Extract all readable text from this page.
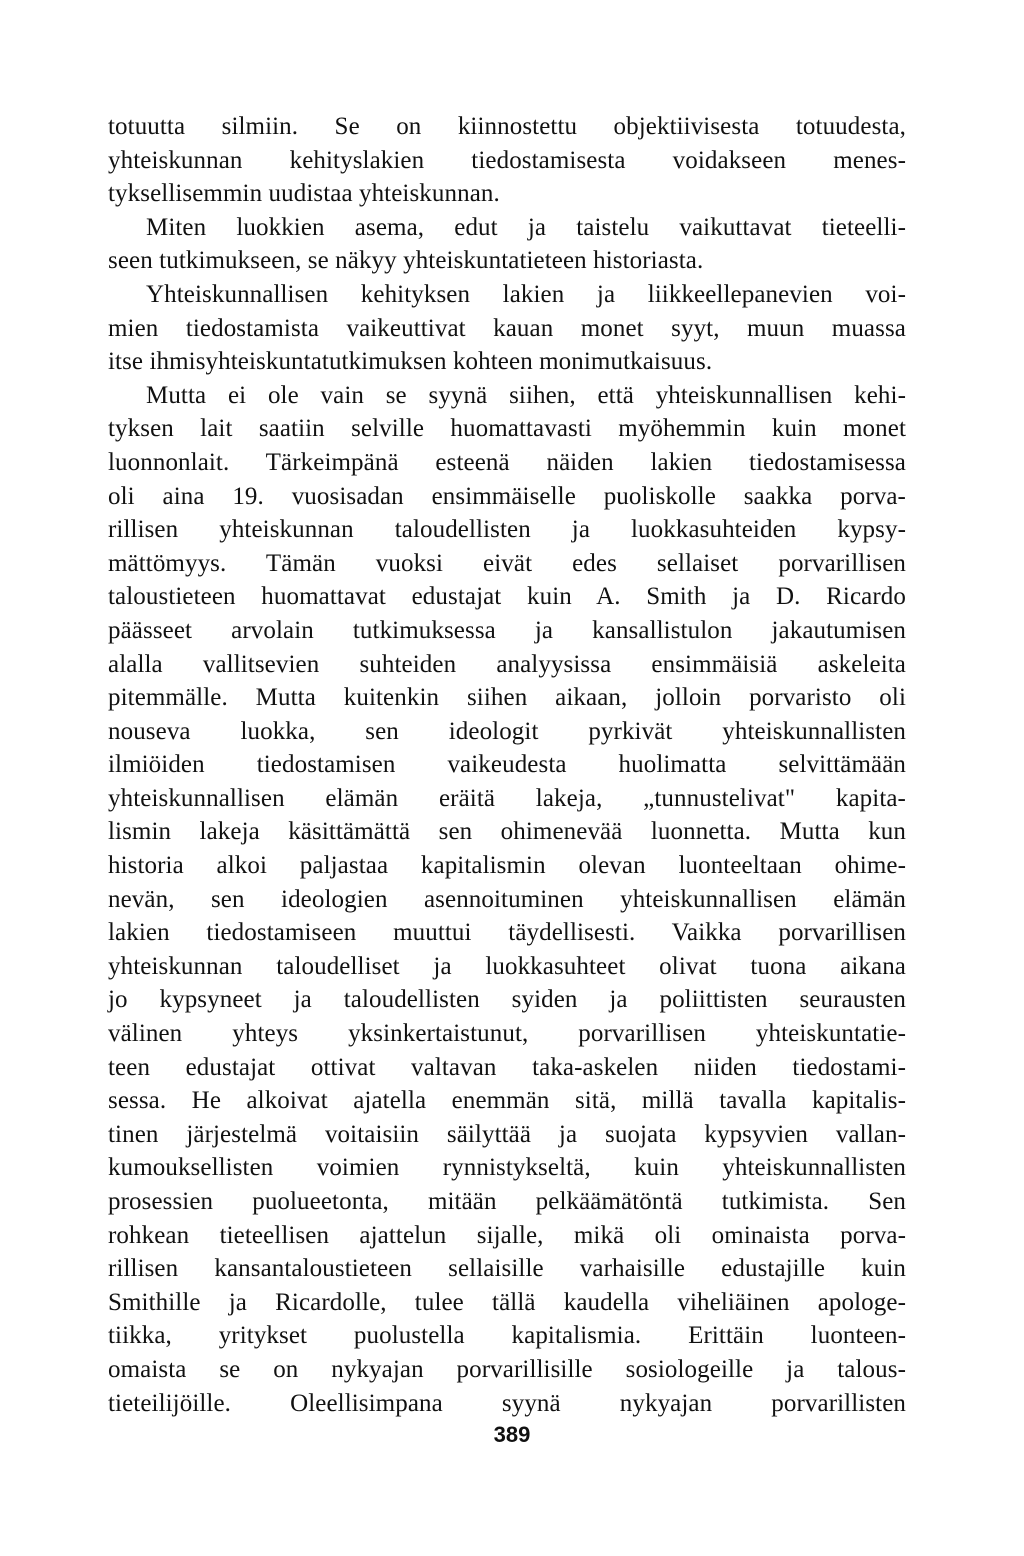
totuutta silmiin. Se on kiinnostettu objektiivisesta totuudesta,
yhteiskunnan kehityslakien tiedostamisesta voidakseen menes-
tyksellisemmin uudistaa yhteiskunnan.
Miten luokkien asema, edut ja taistelu vaikuttavat tieteelli-
seen tutkimukseen, se näkyy yhteiskuntatieteen historiasta.
Yhteiskunnallisen kehityksen lakien ja liikkeellepanevien voi-
mien tiedostamista vaikeuttivat kauan monet syyt, muun muassa
itse ihmisyhteiskuntatutkimuksen kohteen monimutkaisuus.
Mutta ei ole vain se syynä siihen, että yhteiskunnallisen kehi-
tyksen lait saatiin selville huomattavasti myöhemmin kuin monet
luonnonlait. Tärkeimpänä esteenä näiden lakien tiedostamisessa
oli aina 19. vuosisadan ensimmäiselle puoliskolle saakka porva-
rillisen yhteiskunnan taloudellisten ja luokkasuhteiden kypsy-
mättömyys. Tämän vuoksi eivät edes sellaiset porvarillisen
taloustieteen huomattavat edustajat kuin A. Smith ja D. Ricardo
päässeet arvolain tutkimuksessa ja kansallistulon jakautumisen
alalla vallitsevien suhteiden analyysissa ensimmäisiä askeleita
pitemmälle. Mutta kuitenkin siihen aikaan, jolloin porvaristo oli
nouseva luokka, sen ideologit pyrkivät yhteiskunnallisten
ilmiöiden tiedostamisen vaikeudesta huolimatta selvittämään
yhteiskunnallisen elämän eräitä lakeja, „tunnustelivat" kapita-
lismin lakeja käsittämättä sen ohimenevää luonnetta. Mutta kun
historia alkoi paljastaa kapitalismin olevan luonteeltaan ohime-
nevän, sen ideologien asennoituminen yhteiskunnallisen elämän
lakien tiedostamiseen muuttui täydellisesti. Vaikka porvarillisen
yhteiskunnan taloudelliset ja luokkasuhteet olivat tuona aikana
jo kypsyneet ja taloudellisten syiden ja poliittisten seurausten
välinen yhteys yksinkertaistunut, porvarillisen yhteiskuntatie-
teen edustajat ottivat valtavan taka-askelen niiden tiedostami-
sessa. He alkoivat ajatella enemmän sitä, millä tavalla kapitalis-
tinen järjestelmä voitaisiin säilyttää ja suojata kypsyvien vallan-
kumouksellisten voimien rynnistykseltä, kuin yhteiskunnallisten
prosessien puolueetonta, mitään pelkäämätöntä tutkimista. Sen
rohkean tieteellisen ajattelun sijalle, mikä oli ominaista porva-
rillisen kansantaloustieteen sellaisille varhaisille edustajille kuin
Smithille ja Ricardolle, tulee tällä kaudella viheliäinen apologe-
tiikka, yritykset puolustella kapitalismia. Erittäin luonteen-
omaista se on nykyajan porvarillisille sosiologeille ja talous-
tieteilijöille. Oleellisimpana syynä nykyajan porvarillisten
389
